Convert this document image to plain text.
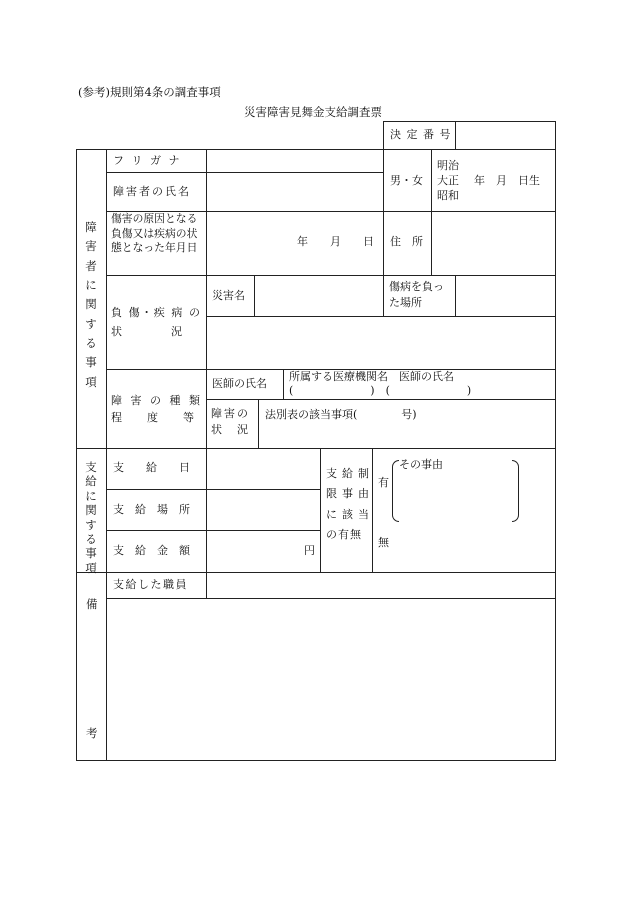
(参考)規則第4条の調査事項
災害障害見舞金支給調査票
決 定 番 号
障害者に関する事項
フ リ ガ ナ
障害者の氏名
男・女
明治
大正
昭和
年　月　日生
傷害の原因となる負傷又は疾病の状態となった年月日	年　　月　　日 住　所
負 傷・疾 病 の 状　　　　況
災害名
傷病を負った場所
障 害 の 種 類 程　　度　　等
医師の氏名
所属する医療機関名　医師の氏名
(　　　　　　　)　(　　　　　　　)
障害の状　況
法別表の該当事項(　　　　号)
支給に関する事項
支　　給　　日
支　給　場　所
支　給　金　額	円
支給制限事由に該当の有無
有
その事由
無
備
考
支給した職員
